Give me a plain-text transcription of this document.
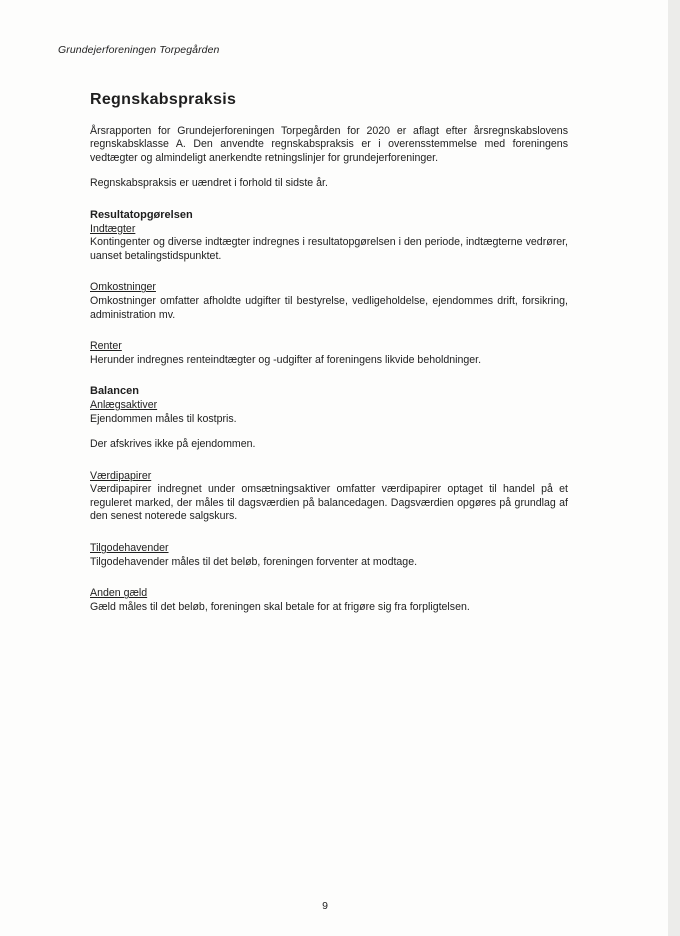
Grundejerforeningen Torpegården
Regnskabspraksis

Årsrapporten for Grundejerforeningen Torpegården for 2020 er aflagt efter årsregnskabslovens regnskabsklasse A. Den anvendte regnskabspraksis er i overensstemmelse med foreningens vedtægter og almindeligt anerkendte retningslinjer for grundejerforeninger.

Regnskabspraksis er uændret i forhold til sidste år.

Resultatopgørelsen

Indtægter

Kontingenter og diverse indtægter indregnes i resultatopgørelsen i den periode, indtægterne vedrører, uanset betalingstidspunktet.

Omkostninger

Omkostninger omfatter afholdte udgifter til bestyrelse, vedligeholdelse, ejendommes drift, forsikring, administration mv.

Renter

Herunder indregnes renteindtægter og -udgifter af foreningens likvide beholdninger.

Balancen

Anlægsaktiver

Ejendommen måles til kostpris.

Der afskrives ikke på ejendommen.

Værdipapirer

Værdipapirer indregnet under omsætningsaktiver omfatter værdipapirer optaget til handel på et reguleret marked, der måles til dagsværdien på balancedagen. Dagsværdien opgøres på grundlag af den senest noterede salgskurs.

Tilgodehavender

Tilgodehavender måles til det beløb, foreningen forventer at modtage.

Anden gæld

Gæld måles til det beløb, foreningen skal betale for at frigøre sig fra forpligtelsen.

9
